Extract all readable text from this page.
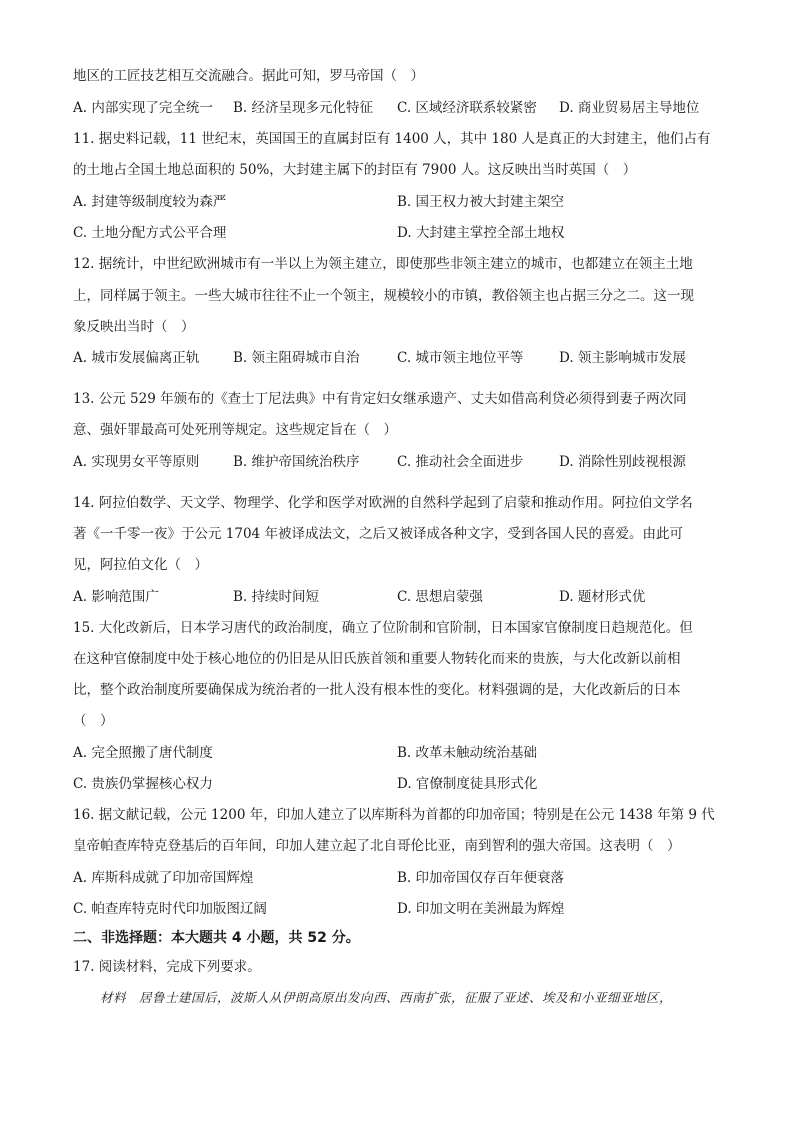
地区的工匠技艺相互交流融合。据此可知，罗马帝国（　）
A. 内部实现了完全统一 B. 经济呈现多元化特征 C. 区域经济联系较紧密 D. 商业贸易居主导地位
11. 据史料记载，11 世纪末，英国国王的直属封臣有 1400 人，其中 180 人是真正的大封建主，他们占有
的土地占全国土地总面积的 50%，大封建主属下的封臣有 7900 人。这反映出当时英国（　）
A. 封建等级制度较为森严	B. 国王权力被大封建主架空
C. 土地分配方式公平合理	D. 大封建主掌控全部土地权
12. 据统计，中世纪欧洲城市有一半以上为领主建立，即使那些非领主建立的城市，也都建立在领主土地
上，同样属于领主。一些大城市往往不止一个领主，规模较小的市镇，教俗领主也占据三分之二。这一现
象反映出当时（　）
A. 城市发展偏离正轨 B. 领主阻碍城市自治	C. 城市领主地位平等	D. 领主影响城市发展
13. 公元 529 年颁布的《查士丁尼法典》中有肯定妇女继承遗产、丈夫如借高利贷必须得到妻子两次同
意、强奸罪最高可处死刑等规定。这些规定旨在（　）
A. 实现男女平等原则 B. 维护帝国统治秩序	C. 推动社会全面进步	D. 消除性别歧视根源
14. 阿拉伯数学、天文学、物理学、化学和医学对欧洲的自然科学起到了启蒙和推动作用。阿拉伯文学名
著《一千零一夜》于公元 1704 年被译成法文，之后又被译成各种文字，受到各国人民的喜爱。由此可
见，阿拉伯文化（　）
A. 影响范围广	B. 持续时间短	C. 思想启蒙强	D. 题材形式优
15. 大化改新后，日本学习唐代的政治制度，确立了位阶制和官阶制，日本国家官僚制度日趋规范化。但
在这种官僚制度中处于核心地位的仍旧是从旧氏族首领和重要人物转化而来的贵族，与大化改新以前相
比，整个政治制度所要确保成为统治者的一批人没有根本性的变化。材料强调的是，大化改新后的日本
（　）
A. 完全照搬了唐代制度	B. 改革未触动统治基础
C. 贵族仍掌握核心权力	D. 官僚制度徒具形式化
16. 据文献记载，公元 1200 年，印加人建立了以库斯科为首都的印加帝国；特别是在公元 1438 年第 9 代
皇帝帕查库特克登基后的百年间，印加人建立起了北自哥伦比亚，南到智利的强大帝国。这表明（　）
A. 库斯科成就了印加帝国辉煌	B. 印加帝国仅存百年便衰落
C. 帕查库特克时代印加版图辽阔	D. 印加文明在美洲最为辉煌
二、非选择题：本大题共 4 小题，共 52 分。
17. 阅读材料，完成下列要求。
材料　居鲁士建国后，波斯人从伊朗高原出发向西、西南扩张，征服了亚述、埃及和小亚细亚地区，
